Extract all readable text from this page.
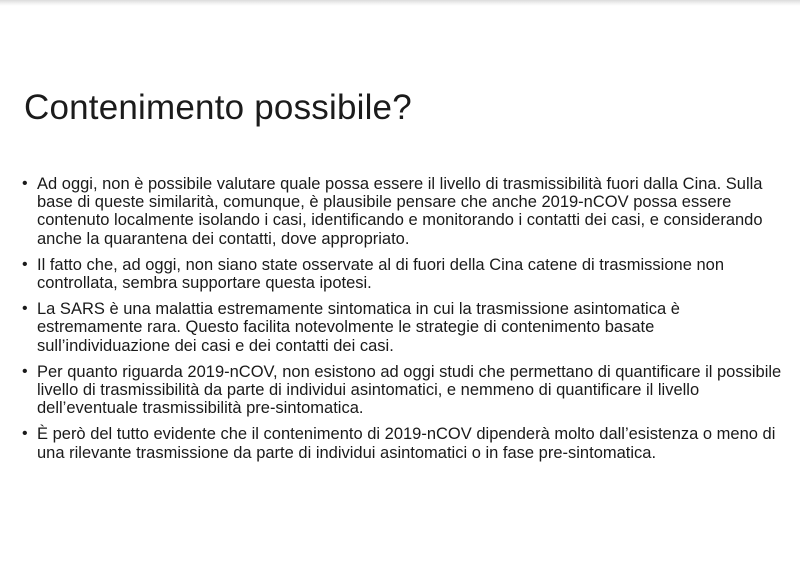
Contenimento possibile?
• Ad oggi, non è possibile valutare quale possa essere il livello di trasmissibilità fuori dalla Cina. Sulla base di queste similarità, comunque, è plausibile pensare che anche 2019-nCOV possa essere contenuto localmente isolando i casi, identificando e monitorando i contatti dei casi, e considerando anche la quarantena dei contatti, dove appropriato.
• Il fatto che, ad oggi, non siano state osservate al di fuori della Cina catene di trasmissione non controllata, sembra supportare questa ipotesi.
• La SARS è una malattia estremamente sintomatica in cui la trasmissione asintomatica è estremamente rara. Questo facilita notevolmente le strategie di contenimento basate sull’individuazione dei casi e dei contatti dei casi.
• Per quanto riguarda 2019-nCOV, non esistono ad oggi studi che permettano di quantificare il possibile livello di trasmissibilità da parte di individui asintomatici, e nemmeno di quantificare il livello dell’eventuale trasmissibilità pre-sintomatica.
• È però del tutto evidente che il contenimento di 2019-nCOV dipenderà molto dall’esistenza o meno di una rilevante trasmissione da parte di individui asintomatici o in fase pre-sintomatica.
